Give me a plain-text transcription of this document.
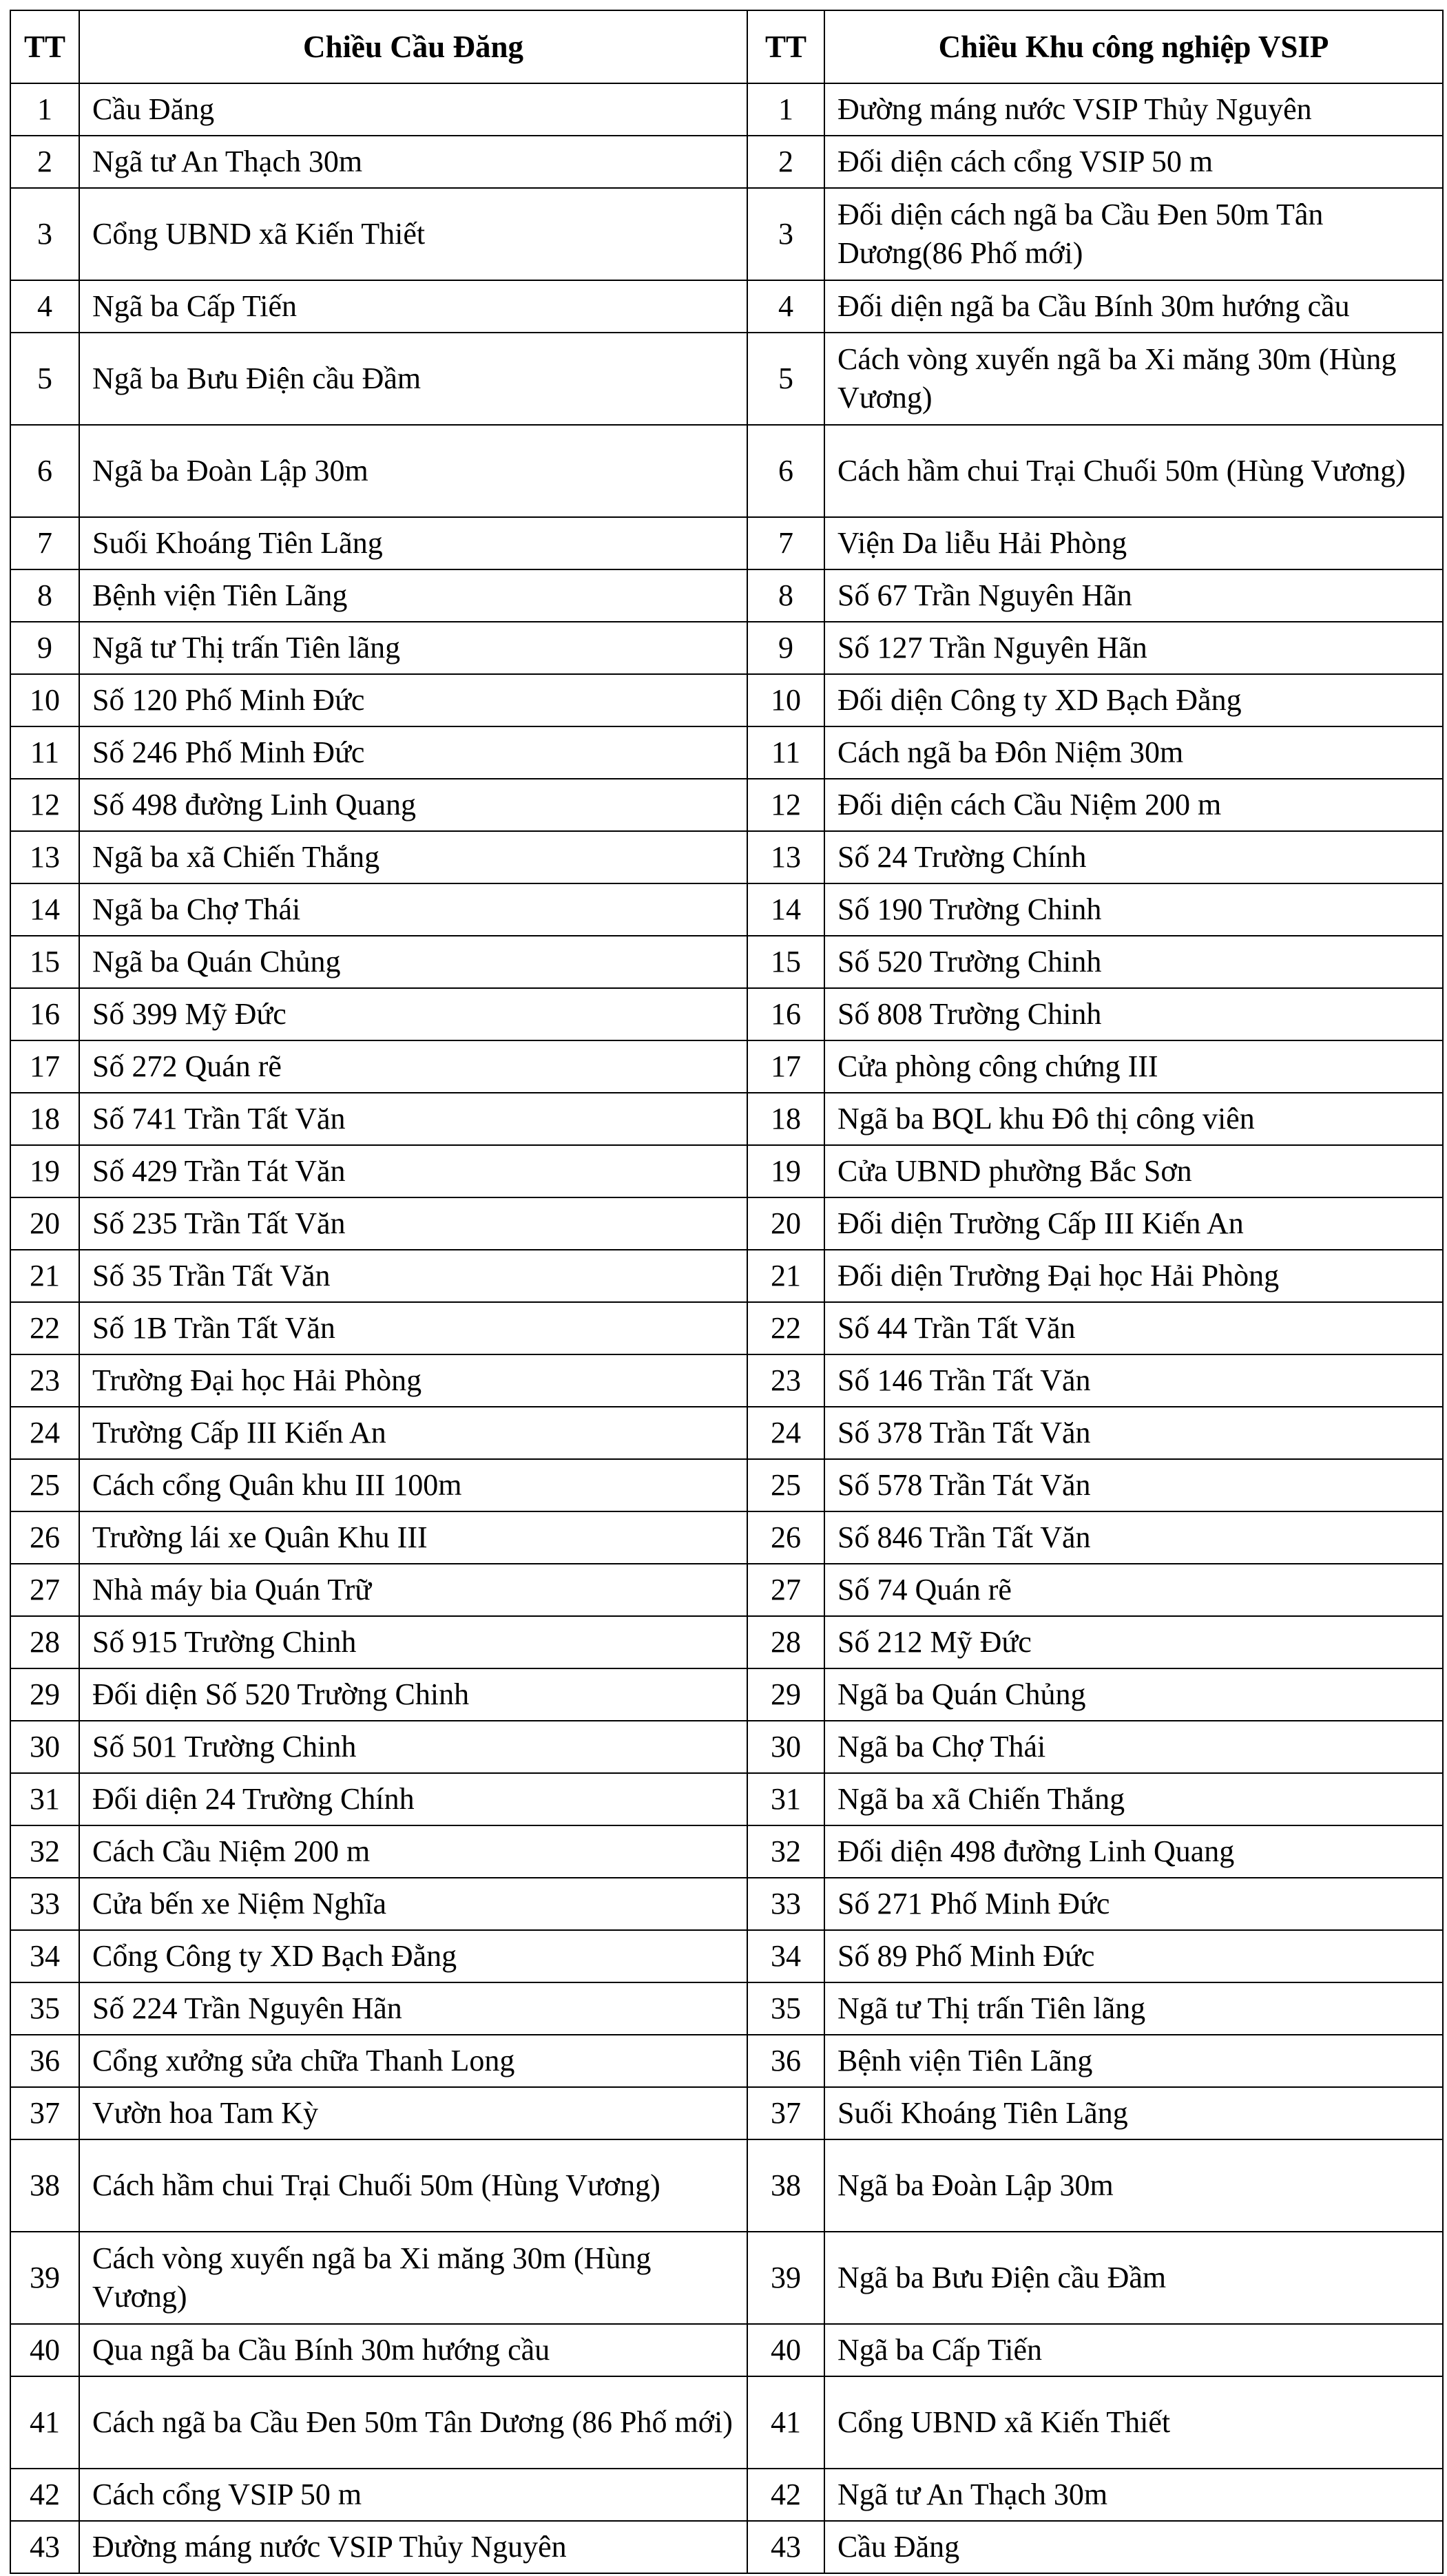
TT	Chiều Cầu Đăng	TT	Chiều Khu công nghiệp VSIP
1	Cầu Đăng	1	Đường máng nước VSIP Thủy Nguyên
2	Ngã tư An Thạch 30m	2	Đối diện cách cổng VSIP 50 m
3	Cổng UBND xã Kiến Thiết	3	Đối diện cách ngã ba Cầu Đen 50m Tân Dương(86 Phố mới)
4	Ngã ba Cấp Tiến	4	Đối diện ngã ba Cầu Bính 30m hướng cầu
5	Ngã ba Bưu Điện cầu Đầm	5	Cách vòng xuyến ngã ba Xi măng 30m (Hùng Vương)
6	Ngã ba Đoàn Lập 30m	6	Cách hầm chui Trại Chuối 50m (Hùng Vương)
7	Suối Khoáng Tiên Lãng	7	Viện Da liễu Hải Phòng
8	Bệnh viện Tiên Lãng	8	Số 67 Trần Nguyên Hãn
9	Ngã tư Thị trấn Tiên lãng	9	Số 127 Trần Nguyên Hãn
10	Số 120 Phố Minh Đức	10	Đối diện Công ty XD Bạch Đằng
11	Số 246 Phố Minh Đức	11	Cách ngã ba Đôn Niệm 30m
12	Số 498 đường Linh Quang	12	Đối diện cách Cầu Niệm 200 m
13	Ngã ba xã Chiến Thắng	13	Số 24 Trường Chính
14	Ngã ba Chợ Thái	14	Số 190 Trường Chinh
15	Ngã ba Quán Chủng	15	Số 520 Trường Chinh
16	Số 399 Mỹ Đức	16	Số 808 Trường Chinh
17	Số 272 Quán rẽ	17	Cửa phòng công chứng III
18	Số 741 Trần Tất Văn	18	Ngã ba BQL khu Đô thị công viên
19	Số 429 Trần Tát Văn	19	Cửa UBND phường Bắc Sơn
20	Số 235 Trần Tất Văn	20	Đối diện Trường Cấp III Kiến An
21	Số 35 Trần Tất Văn	21	Đối diện Trường Đại học Hải Phòng
22	Số 1B Trần Tất Văn	22	Số 44 Trần Tất Văn
23	Trường Đại học Hải Phòng	23	Số 146 Trần Tất Văn
24	Trường Cấp III Kiến An	24	Số 378 Trần Tất Văn
25	Cách cổng Quân khu III 100m	25	Số 578 Trần Tát Văn
26	Trường lái xe Quân Khu III	26	Số 846 Trần Tất Văn
27	Nhà máy bia Quán Trữ	27	Số 74 Quán rẽ
28	Số 915 Trường Chinh	28	Số 212 Mỹ Đức
29	Đối diện Số 520 Trường Chinh	29	Ngã ba Quán Chủng
30	Số 501 Trường Chinh	30	Ngã ba Chợ Thái
31	Đối diện 24 Trường Chính	31	Ngã ba xã Chiến Thắng
32	Cách Cầu Niệm 200 m	32	Đối diện 498 đường Linh Quang
33	Cửa bến xe Niệm Nghĩa	33	Số 271 Phố Minh Đức
34	Cổng Công ty XD Bạch Đằng	34	Số 89 Phố Minh Đức
35	Số 224 Trần Nguyên Hãn	35	Ngã tư Thị trấn Tiên lãng
36	Cổng xưởng sửa chữa Thanh Long	36	Bệnh viện Tiên Lãng
37	Vườn hoa Tam Kỳ	37	Suối Khoáng Tiên Lãng
38	Cách hầm chui Trại Chuối 50m (Hùng Vương)	38	Ngã ba Đoàn Lập 30m
39	Cách vòng xuyến ngã ba Xi măng 30m (Hùng Vương)	39	Ngã ba Bưu Điện cầu Đầm
40	Qua ngã ba Cầu Bính 30m hướng cầu	40	Ngã ba Cấp Tiến
41	Cách ngã ba Cầu Đen 50m Tân Dương (86 Phố mới)	41	Cổng UBND xã Kiến Thiết
42	Cách cổng VSIP 50 m	42	Ngã tư An Thạch 30m
43	Đường máng nước VSIP Thủy Nguyên	43	Cầu Đăng
